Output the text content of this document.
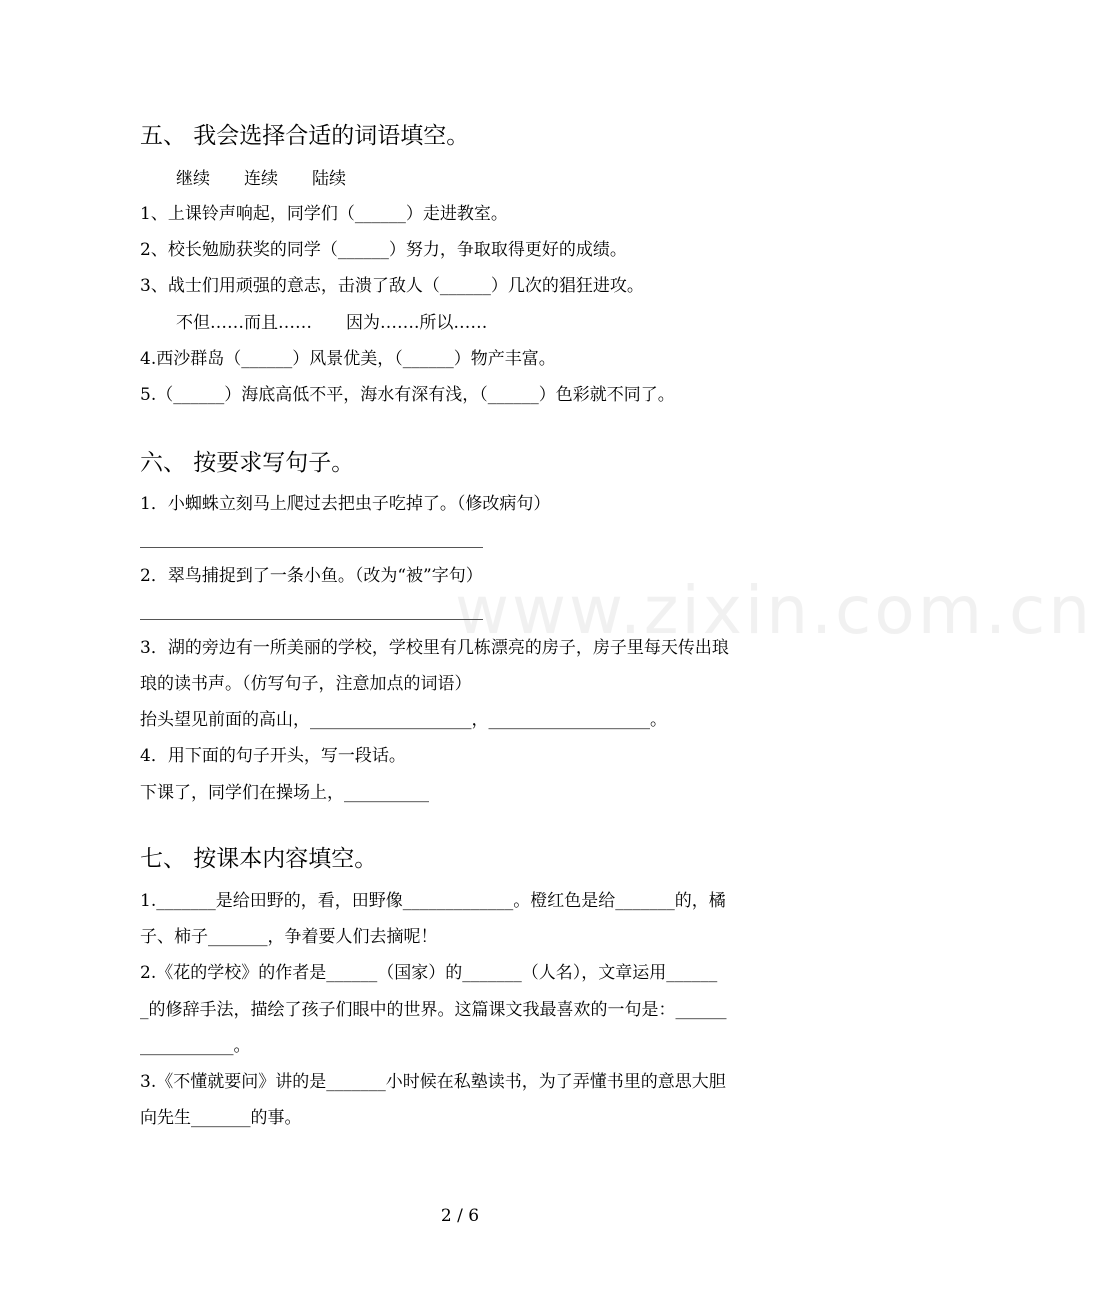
www.zixin.com.cn
五、 我会选择合适的词语填空。
继续　　连续　　陆续
1、上课铃声响起，同学们（______）走进教室。
2、校长勉励获奖的同学（______）努力，争取取得更好的成绩。
3、战士们用顽强的意志，击溃了敌人（______）几次的猖狂进攻。
不但……而且……　　因为…….所以……
4.西沙群岛（______）风景优美，（______）物产丰富。
5.（______）海底高低不平，海水有深有浅，（______）色彩就不同了。
六、 按要求写句子。
1．小蜘蛛立刻马上爬过去把虫子吃掉了。（修改病句）
2．翠鸟捕捉到了一条小鱼。（改为“被”字句）
3．湖的旁边有一所美丽的学校，学校里有几栋漂亮的房子，房子里每天传出琅
琅的读书声。（仿写句子，注意加点的词语）
抬头望见前面的高山，___________________，___________________。
4．用下面的句子开头，写一段话。
下课了，同学们在操场上，__________
七、 按课本内容填空。
1._______是给田野的，看，田野像_____________。橙红色是给_______的，橘
子、柿子_______，争着要人们去摘呢！
2.《花的学校》的作者是______（国家）的_______（人名），文章运用______
_的修辞手法，描绘了孩子们眼中的世界。这篇课文我最喜欢的一句是：______
___________。
3.《不懂就要问》讲的是_______小时候在私塾读书，为了弄懂书里的意思大胆
向先生_______的事。
2 / 6
